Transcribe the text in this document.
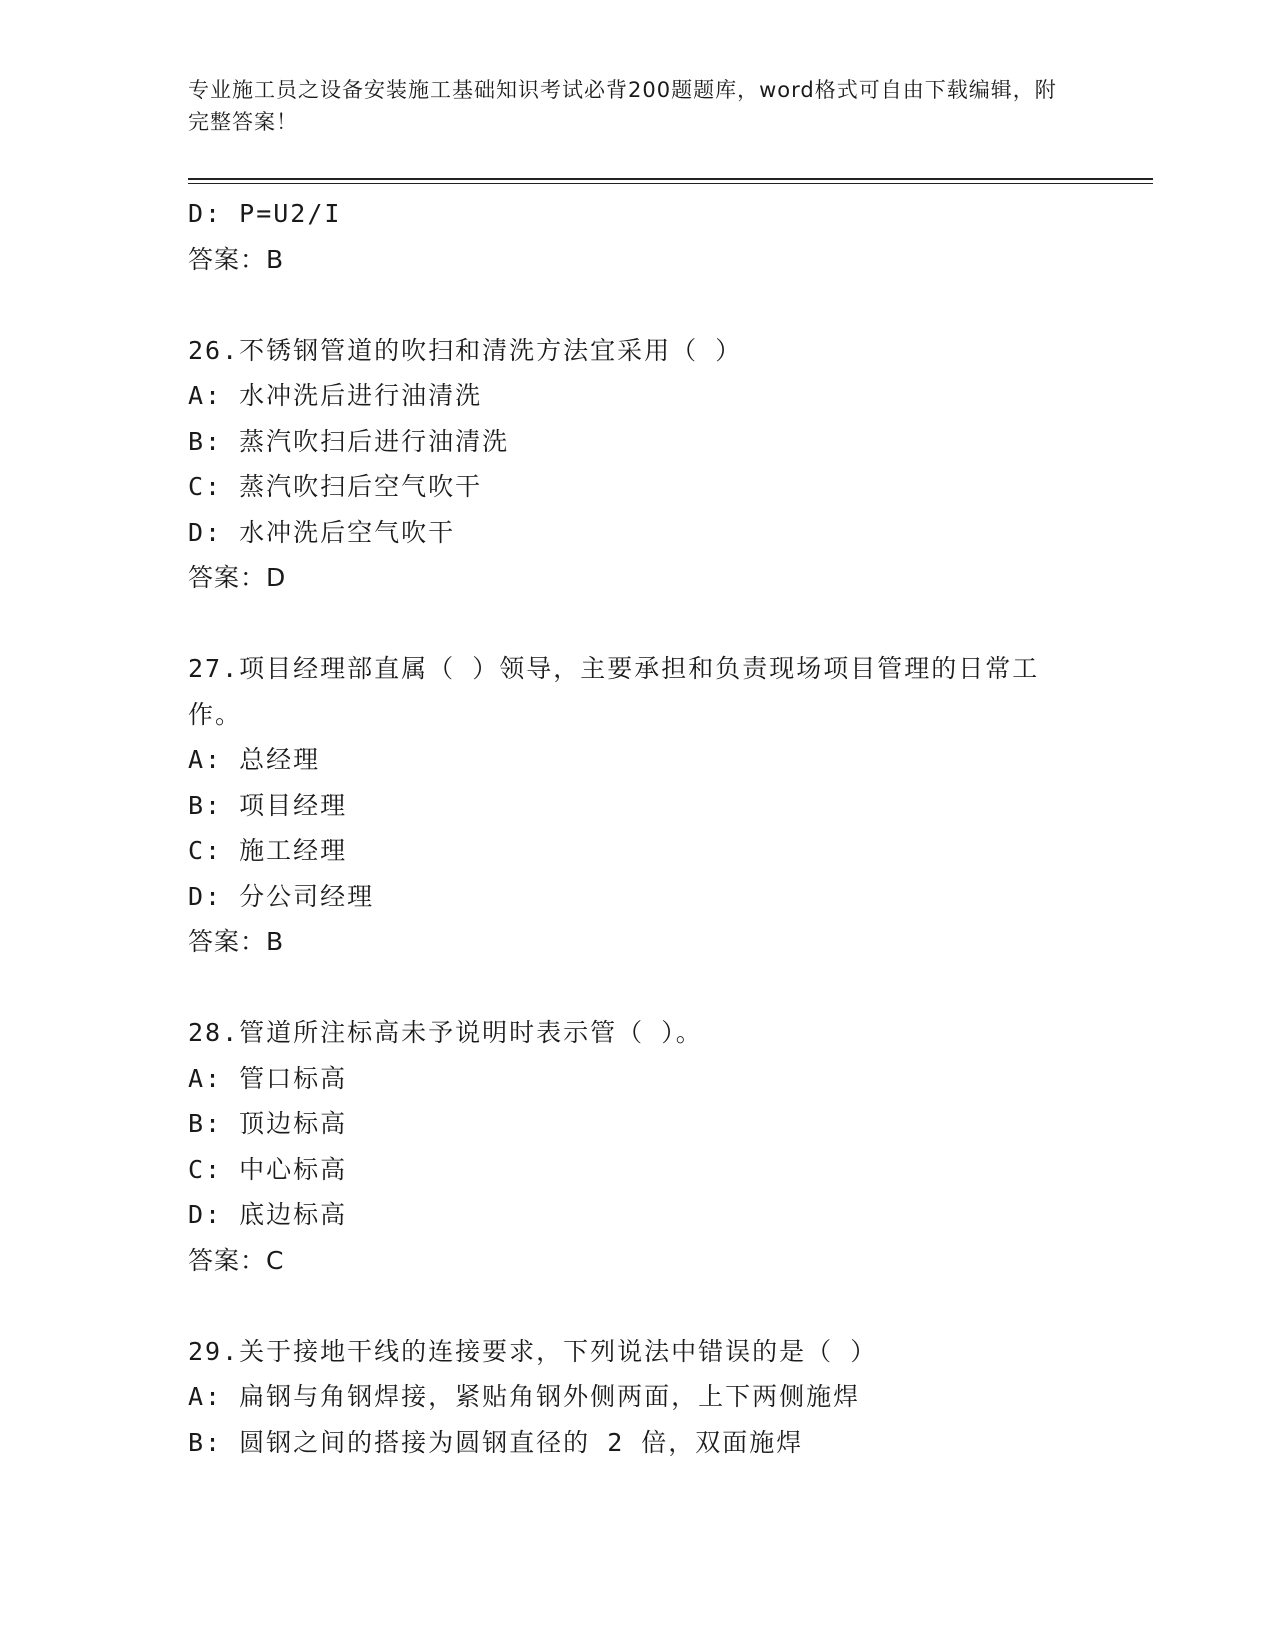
专业施工员之设备安装施工基础知识考试必背200题题库，word格式可自由下载编辑，附完整答案！
D: P=U2/I
答案：B
26.不锈钢管道的吹扫和清洗方法宜采用（ ）
A: 水冲洗后进行油清洗
B: 蒸汽吹扫后进行油清洗
C: 蒸汽吹扫后空气吹干
D: 水冲洗后空气吹干
答案：D
27.项目经理部直属（ ）领导，主要承担和负责现场项目管理的日常工作。
A: 总经理
B: 项目经理
C: 施工经理
D: 分公司经理
答案：B
28.管道所注标高未予说明时表示管（ ）。
A: 管口标高
B: 顶边标高
C: 中心标高
D: 底边标高
答案：C
29.关于接地干线的连接要求，下列说法中错误的是（ ）
A: 扁钢与角钢焊接，紧贴角钢外侧两面，上下两侧施焊
B: 圆钢之间的搭接为圆钢直径的 2 倍，双面施焊
